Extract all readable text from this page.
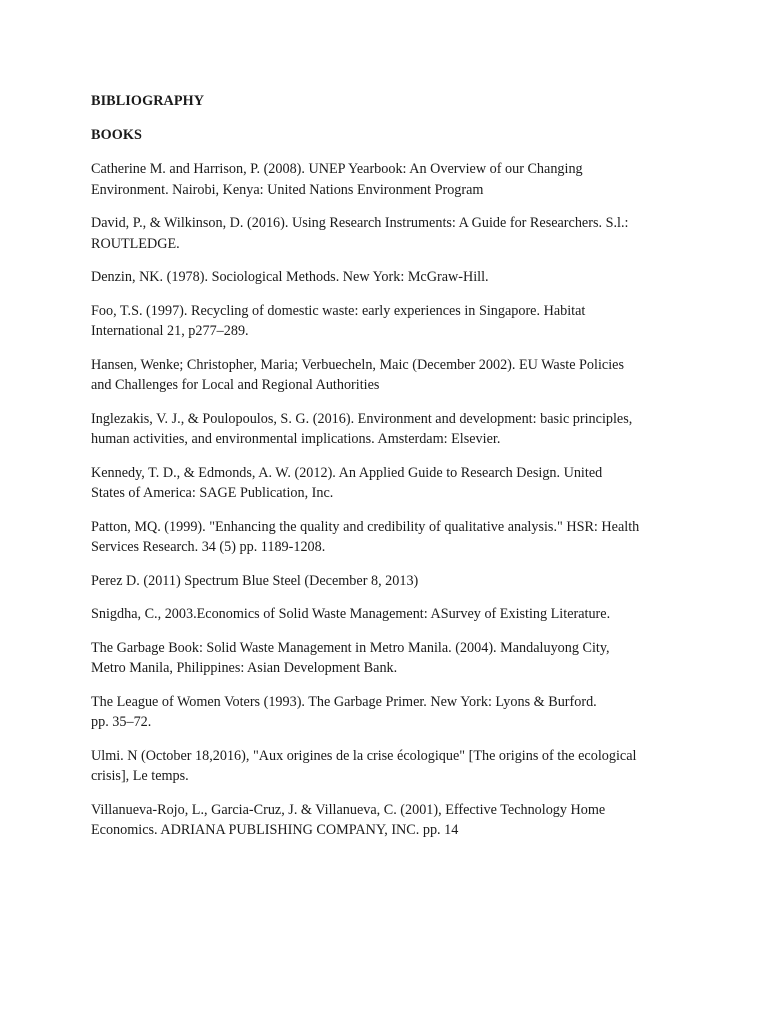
BIBLIOGRAPHY
BOOKS
Catherine M. and Harrison, P. (2008). UNEP Yearbook: An Overview of our Changing
Environment. Nairobi, Kenya: United Nations Environment Program
David, P., & Wilkinson, D. (2016). Using Research Instruments: A Guide for Researchers. S.l.:
ROUTLEDGE.
Denzin, NK. (1978). Sociological Methods. New York: McGraw-Hill.
Foo, T.S. (1997). Recycling of domestic waste: early experiences in Singapore. Habitat
International 21, p277–289.
Hansen, Wenke; Christopher, Maria; Verbuecheln, Maic (December 2002). EU Waste Policies
and Challenges for Local and Regional Authorities
Inglezakis, V. J., & Poulopoulos, S. G. (2016). Environment and development: basic principles,
human activities, and environmental implications. Amsterdam: Elsevier.
Kennedy, T. D., & Edmonds, A. W. (2012). An Applied Guide to Research Design. United
States of America: SAGE Publication, Inc.
Patton, MQ. (1999). "Enhancing the quality and credibility of qualitative analysis." HSR: Health
Services Research. 34 (5) pp. 1189-1208.
Perez D. (2011) Spectrum Blue Steel (December 8, 2013)
Snigdha, C., 2003.Economics of Solid Waste Management: ASurvey of Existing Literature.
The Garbage Book: Solid Waste Management in Metro Manila. (2004). Mandaluyong City,
Metro Manila, Philippines: Asian Development Bank.
The League of Women Voters (1993). The Garbage Primer. New York: Lyons & Burford.
pp. 35–72.
Ulmi. N (October 18,2016), "Aux origines de la crise écologique" [The origins of the ecological
crisis], Le temps.
Villanueva-Rojo, L., Garcia-Cruz, J. & Villanueva, C. (2001), Effective Technology Home
Economics. ADRIANA PUBLISHING COMPANY, INC. pp. 14
